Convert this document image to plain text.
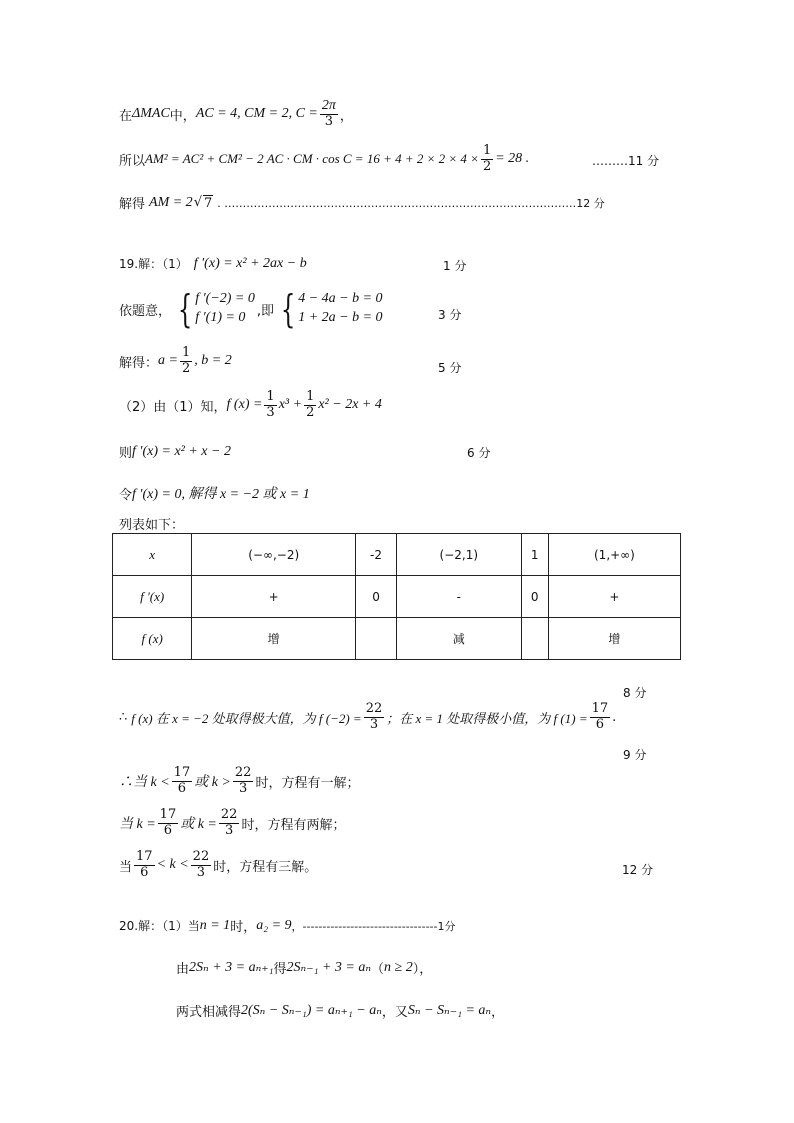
在 ΔMAC 中， AC = 4, CM = 2, $C = \frac{2\pi}{3}$ ，
所以 AM² = AC² + CM² − 2 AC · CM · $\cos C = 16 + 4 + 2 \times 2 \times 4 \times \frac{1}{2} = 28$ .	………11 分
解得 AM = 2 √ 7 . ……………………………………………………………………………………12 分
19.解：（1） f ′(x) = x² + 2ax − b	1 分
依题意， { f ′(−2) = 0
f ′(1) = 0 ,即 { 4 − 4a − b = 0
1 + 2a − b = 0	3 分
解得： $a = \frac{1}{2}$ , b = 2	5 分
（2）由（1）知， f $(x) = \frac{1}{3} x^3 + \frac{1}{2} x^2 - 2x + 4$
则 f ′(x) = x² + x − 2	6 分
令 f ′(x) = 0, 解得 x = −2 或 x = 1
列表如下：
x	(−∞,−2)	-2	(−2,1)	1	(1,+∞)
f ′(x)	+	0	-	0	+
f (x)	增		减		增
8 分
∴ f (x) 在 x = −2 处取得极大值，为 f $(-2) = \frac{22}{3}$ ；在 x = 1 处取得极小值，为 f $(1) = \frac{17}{6}$ .
9 分
∴当 $k < \frac{17}{6}$ 或 $k > \frac{22}{3}$ 时，方程有一解；
当 $k = \frac{17}{6}$ 或 $k = \frac{22}{3}$ 时，方程有两解；
当 $\frac{17}{6} < k < \frac{22}{3}$ 时，方程有三解。	12 分
20.解：（1）当 n = 1 时， a₂ = 9 ，----------------------------------1分
由 2Sₙ + 3 = aₙ₊₁ 得 2Sₙ₋₁ + 3 = aₙ （ n ≥ 2 ），
两式相减得 2(Sₙ − Sₙ₋₁) = aₙ₊₁ − aₙ ，又 Sₙ − Sₙ₋₁ = aₙ ，
